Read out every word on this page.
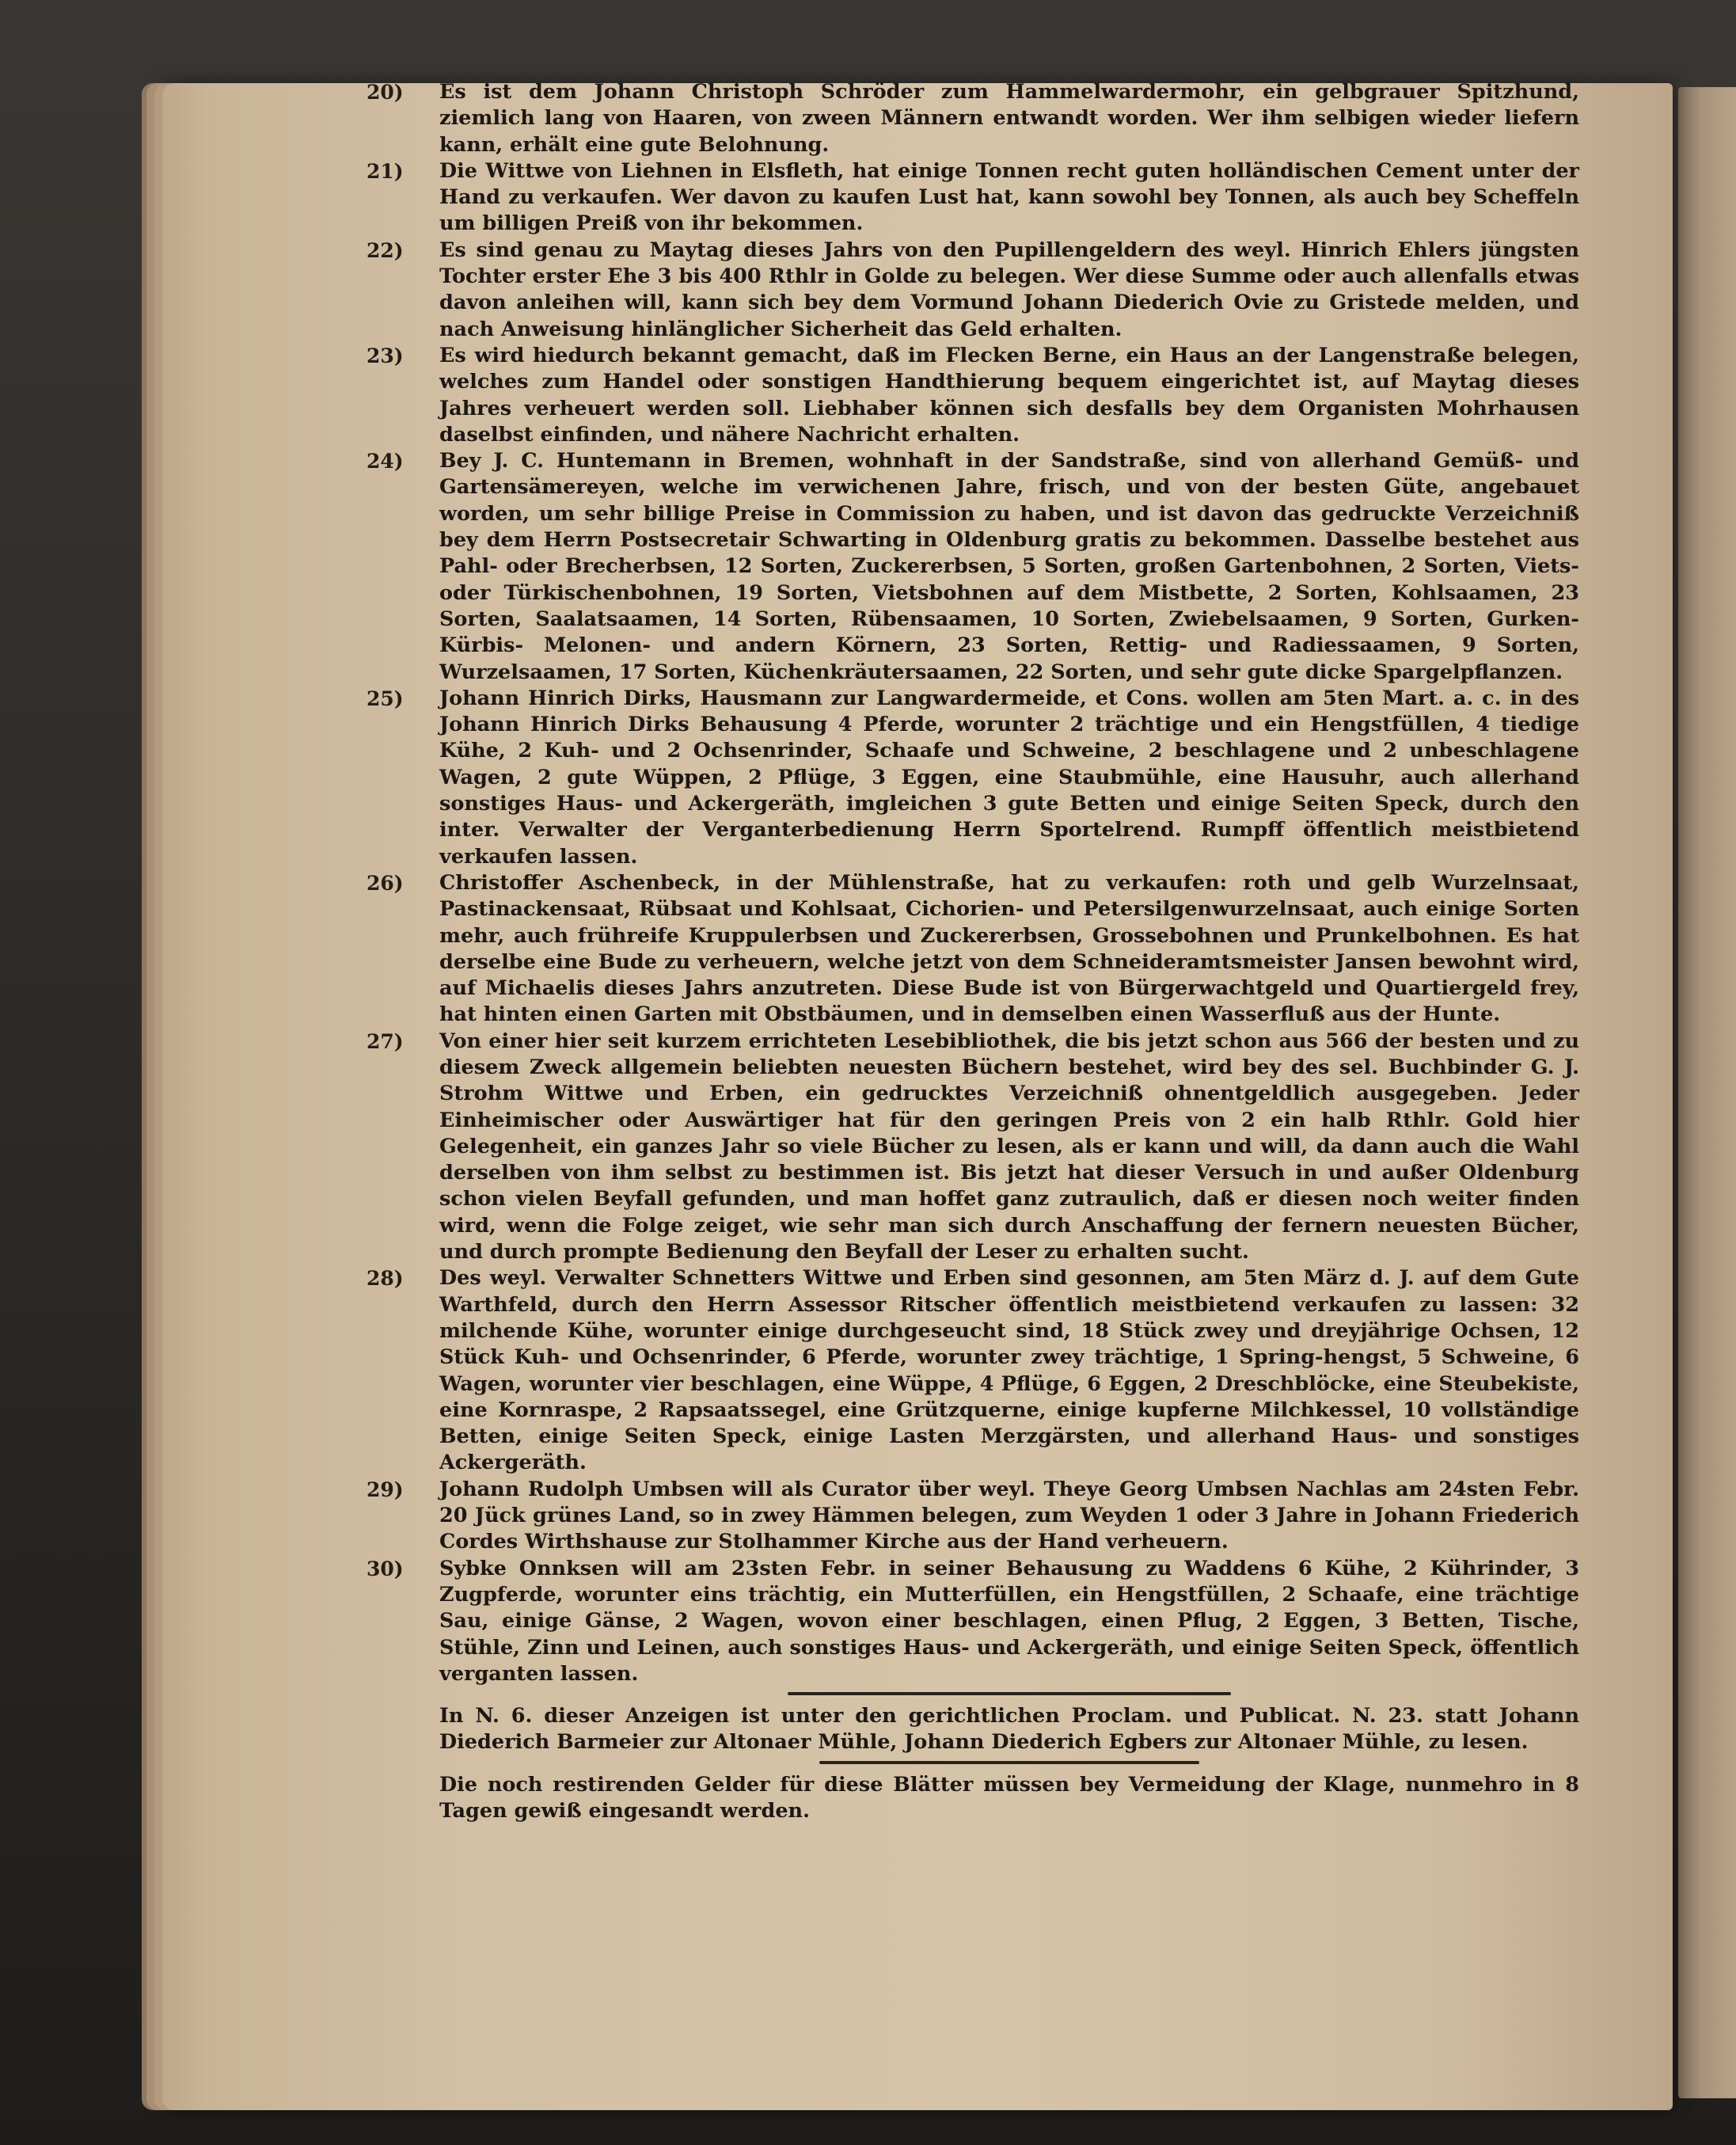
20)	Es ist dem Johann Christoph Schröder zum Hammelwardermohr, ein gelbgrauer Spitzhund, ziemlich lang von Haaren, von zween Männern entwandt worden. Wer ihm selbigen wieder liefern kann, erhält eine gute Belohnung.
21)	Die Wittwe von Liehnen in Elsfleth, hat einige Tonnen recht guten holländischen Cement unter der Hand zu verkaufen. Wer davon zu kaufen Lust hat, kann sowohl bey Tonnen, als auch bey Scheffeln um billigen Preiß von ihr bekommen.
22)	Es sind genau zu Maytag dieses Jahrs von den Pupillengeldern des weyl. Hinrich Ehlers jüngsten Tochter erster Ehe 3 bis 400 Rthlr in Golde zu belegen. Wer diese Summe oder auch allenfalls etwas davon anleihen will, kann sich bey dem Vormund Johann Diederich Ovie zu Gristede melden, und nach Anweisung hinlänglicher Sicherheit das Geld erhalten.
23)	Es wird hiedurch bekannt gemacht, daß im Flecken Berne, ein Haus an der Langenstraße belegen, welches zum Handel oder sonstigen Handthierung bequem eingerichtet ist, auf Maytag dieses Jahres verheuert werden soll. Liebhaber können sich desfalls bey dem Organisten Mohrhausen daselbst einfinden, und nähere Nachricht erhalten.
24)	Bey J. C. Huntemann in Bremen, wohnhaft in der Sandstraße, sind von allerhand Gemüß- und Gartensämereyen, welche im verwichenen Jahre, frisch, und von der besten Güte, angebauet worden, um sehr billige Preise in Commission zu haben, und ist davon das gedruckte Verzeichniß bey dem Herrn Postsecretair Schwarting in Oldenburg gratis zu bekommen. Dasselbe bestehet aus Pahl- oder Brecherbsen, 12 Sorten, Zuckererbsen, 5 Sorten, großen Gartenbohnen, 2 Sorten, Viets- oder Türkischenbohnen, 19 Sorten, Vietsbohnen auf dem Mistbette, 2 Sorten, Kohlsaamen, 23 Sorten, Saalatsaamen, 14 Sorten, Rübensaamen, 10 Sorten, Zwiebelsaamen, 9 Sorten, Gurken- Kürbis- Melonen- und andern Körnern, 23 Sorten, Rettig- und Radiessaamen, 9 Sorten, Wurzelsaamen, 17 Sorten, Küchenkräutersaamen, 22 Sorten, und sehr gute dicke Spargelpflanzen.
25)	Johann Hinrich Dirks, Hausmann zur Langwardermeide, et Cons. wollen am 5ten Mart. a. c. in des Johann Hinrich Dirks Behausung 4 Pferde, worunter 2 trächtige und ein Hengstfüllen, 4 tiedige Kühe, 2 Kuh- und 2 Ochsenrinder, Schaafe und Schweine, 2 beschlagene und 2 unbeschlagene Wagen, 2 gute Wüppen, 2 Pflüge, 3 Eggen, eine Staubmühle, eine Hausuhr, auch allerhand sonstiges Haus- und Ackergeräth, imgleichen 3 gute Betten und einige Seiten Speck, durch den inter. Verwalter der Verganterbedienung Herrn Sportelrend. Rumpff öffentlich meistbietend verkaufen lassen.
26)	Christoffer Aschenbeck, in der Mühlenstraße, hat zu verkaufen: roth und gelb Wurzelnsaat, Pastinackensaat, Rübsaat und Kohlsaat, Cichorien- und Petersilgenwurzelnsaat, auch einige Sorten mehr, auch frühreife Kruppulerbsen und Zuckererbsen, Grossebohnen und Prunkelbohnen. Es hat derselbe eine Bude zu verheuern, welche jetzt von dem Schneideramtsmeister Jansen bewohnt wird, auf Michaelis dieses Jahrs anzutreten. Diese Bude ist von Bürgerwachtgeld und Quartiergeld frey, hat hinten einen Garten mit Obstbäumen, und in demselben einen Wasserfluß aus der Hunte.
27)	Von einer hier seit kurzem errichteten Lesebibliothek, die bis jetzt schon aus 566 der besten und zu diesem Zweck allgemein beliebten neuesten Büchern bestehet, wird bey des sel. Buchbinder G. J. Strohm Wittwe und Erben, ein gedrucktes Verzeichniß ohnentgeldlich ausgegeben. Jeder Einheimischer oder Auswärtiger hat für den geringen Preis von 2 ein halb Rthlr. Gold hier Gelegenheit, ein ganzes Jahr so viele Bücher zu lesen, als er kann und will, da dann auch die Wahl derselben von ihm selbst zu bestimmen ist. Bis jetzt hat dieser Versuch in und außer Oldenburg schon vielen Beyfall gefunden, und man hoffet ganz zutraulich, daß er diesen noch weiter finden wird, wenn die Folge zeiget, wie sehr man sich durch Anschaffung der fernern neuesten Bücher, und durch prompte Bedienung den Beyfall der Leser zu erhalten sucht.
28)	Des weyl. Verwalter Schnetters Wittwe und Erben sind gesonnen, am 5ten März d. J. auf dem Gute Warthfeld, durch den Herrn Assessor Ritscher öffentlich meistbietend verkaufen zu lassen: 32 milchende Kühe, worunter einige durchgeseucht sind, 18 Stück zwey und dreyjährige Ochsen, 12 Stück Kuh- und Ochsenrinder, 6 Pferde, worunter zwey trächtige, 1 Spring-hengst, 5 Schweine, 6 Wagen, worunter vier beschlagen, eine Wüppe, 4 Pflüge, 6 Eggen, 2 Dreschblöcke, eine Steubekiste, eine Kornraspe, 2 Rapsaatssegel, eine Grützquerne, einige kupferne Milchkessel, 10 vollständige Betten, einige Seiten Speck, einige Lasten Merzgärsten, und allerhand Haus- und sonstiges Ackergeräth.
29)	Johann Rudolph Umbsen will als Curator über weyl. Theye Georg Umbsen Nachlas am 24sten Febr. 20 Jück grünes Land, so in zwey Hämmen belegen, zum Weyden 1 oder 3 Jahre in Johann Friederich Cordes Wirthshause zur Stolhammer Kirche aus der Hand verheuern.
30)	Sybke Onnksen will am 23sten Febr. in seiner Behausung zu Waddens 6 Kühe, 2 Kührinder, 3 Zugpferde, worunter eins trächtig, ein Mutterfüllen, ein Hengstfüllen, 2 Schaafe, eine trächtige Sau, einige Gänse, 2 Wagen, wovon einer beschlagen, einen Pflug, 2 Eggen, 3 Betten, Tische, Stühle, Zinn und Leinen, auch sonstiges Haus- und Ackergeräth, und einige Seiten Speck, öffentlich verganten lassen.

In N. 6. dieser Anzeigen ist unter den gerichtlichen Proclam. und Publicat. N. 23. statt Johann Diederich Barmeier zur Altonaer Mühle, Johann Diederich Egbers zur Altonaer Mühle, zu lesen.

Die noch restirenden Gelder für diese Blätter müssen bey Vermeidung der Klage, nunmehro in 8 Tagen gewiß eingesandt werden.
